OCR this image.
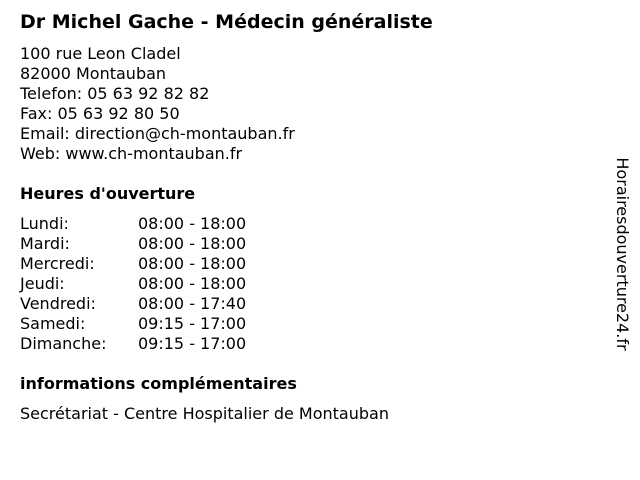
Dr Michel Gache - Médecin généraliste
100 rue Leon Cladel
82000 Montauban
Telefon: 05 63 92 82 82
Fax: 05 63 92 80 50
Email: direction@ch-montauban.fr
Web: www.ch-montauban.fr
Heures d'ouverture
Lundi:	08:00 - 18:00
Mardi:	08:00 - 18:00
Mercredi:	08:00 - 18:00
Jeudi:	08:00 - 18:00
Vendredi:	08:00 - 17:40
Samedi:	09:15 - 17:00
Dimanche: 09:15 - 17:00
informations complémentaires
Secrétariat - Centre Hospitalier de Montauban
Horairesdouverture24.fr
